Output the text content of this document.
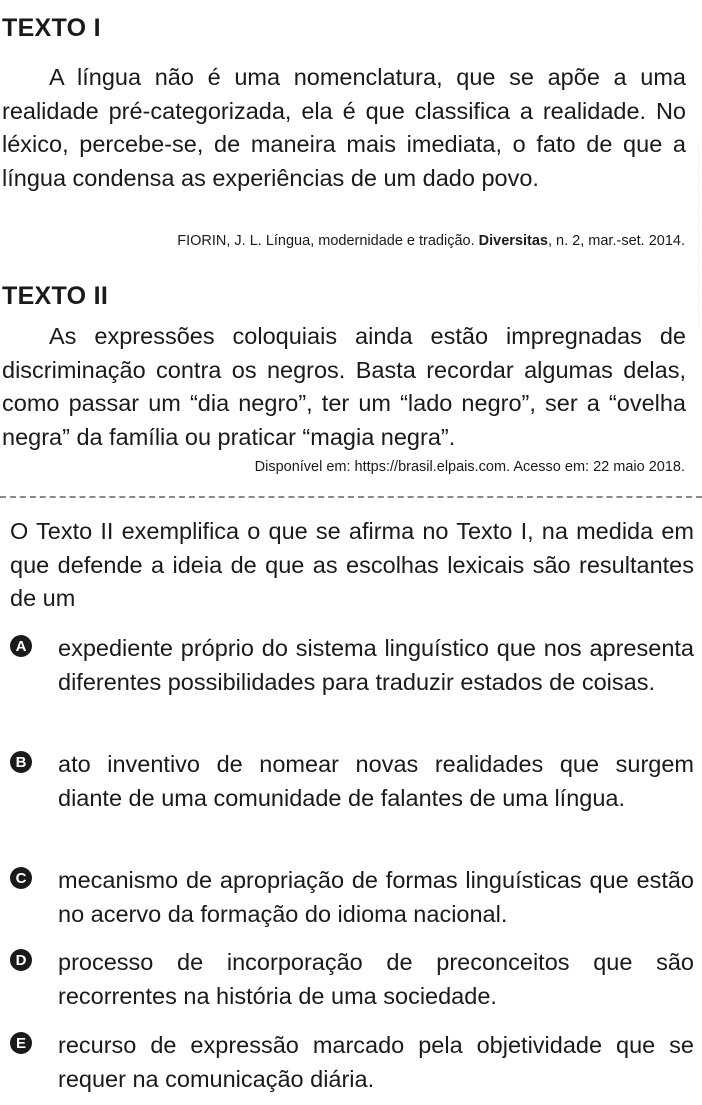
. . . . . . . . . . . . . . . . . . . . . . . . . . . . . . . . . . . . . . . . . . . . . . . . . . . . . . . . . . . . . . . . . . . . . . . . . . . . . . . . . . . . .
TEXTO I

A língua não é uma nomenclatura, que se apõe a uma realidade pré-categorizada, ela é que classifica a realidade. No léxico, percebe-se, de maneira mais imediata, o fato de que a língua condensa as experiências de um dado povo.

FIORIN, J. L. Língua, modernidade e tradição. Diversitas, n. 2, mar.-set. 2014.
TEXTO II

As expressões coloquiais ainda estão impregnadas de discriminação contra os negros. Basta recordar algumas delas, como passar um “dia negro”, ter um “lado negro”, ser a “ovelha negra” da família ou praticar “magia negra”.

Disponível em: https://brasil.elpais.com. Acesso em: 22 maio 2018.

O Texto II exemplifica o que se afirma no Texto I, na medida em que defende a ideia de que as escolhas lexicais são resultantes de um

A expediente próprio do sistema linguístico que nos apresenta diferentes possibilidades para traduzir estados de coisas.
B ato inventivo de nomear novas realidades que surgem diante de uma comunidade de falantes de uma língua.
C mecanismo de apropriação de formas linguísticas que estão no acervo da formação do idioma nacional.
D processo de incorporação de preconceitos que são recorrentes na história de uma sociedade.
E recurso de expressão marcado pela objetividade que se requer na comunicação diária.
